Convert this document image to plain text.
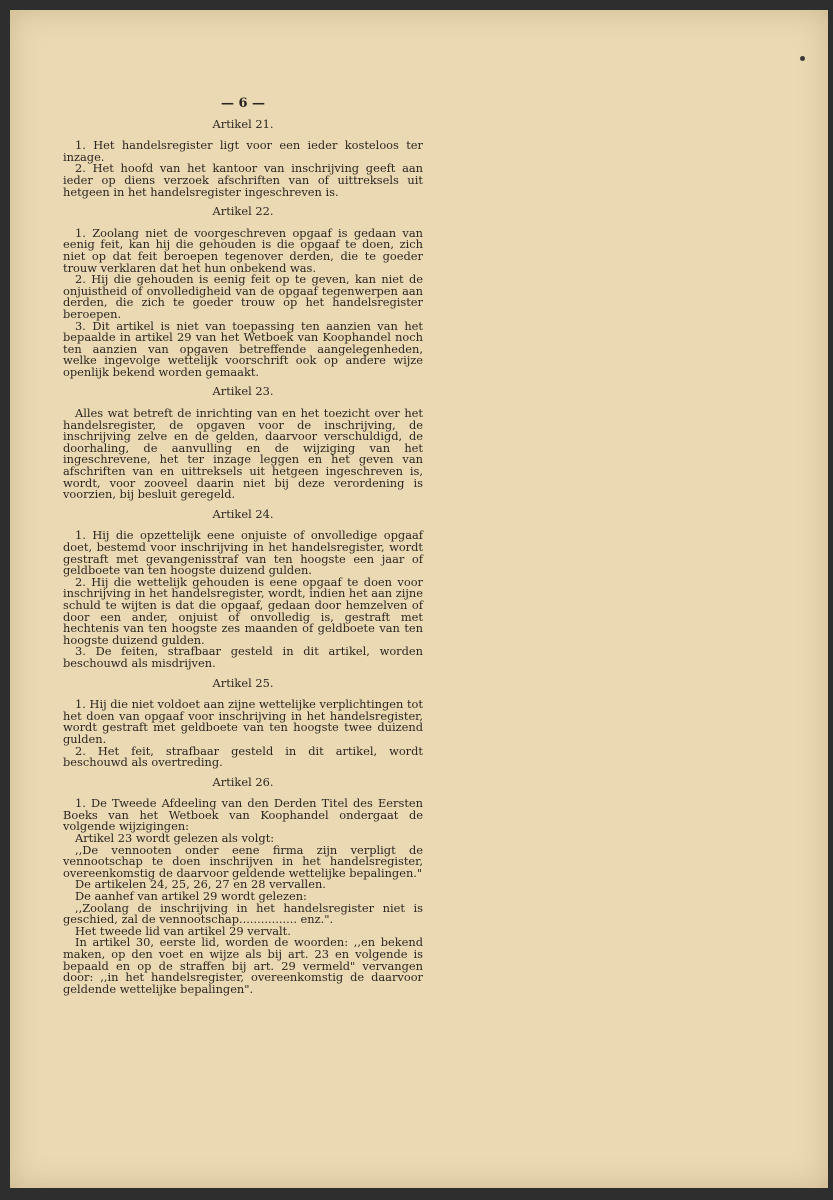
— 6 —
Artikel 21.

1. Het handelsregister ligt voor een ieder kosteloos ter inzage.

2. Het hoofd van het kantoor van inschrijving geeft aan ieder op diens verzoek afschriften van of uittreksels uit hetgeen in het handelsregister ingeschreven is.

Artikel 22.

1. Zoolang niet de voorgeschreven opgaaf is gedaan van eenig feit, kan hij die gehouden is die opgaaf te doen, zich niet op dat feit beroepen tegenover derden, die te goeder trouw verklaren dat het hun onbekend was.

2. Hij die gehouden is eenig feit op te geven, kan niet de onjuistheid of onvolledigheid van de opgaaf tegenwerpen aan derden, die zich te goeder trouw op het handelsregister beroepen.

3. Dit artikel is niet van toepassing ten aanzien van het bepaalde in artikel 29 van het Wetboek van Koophandel noch ten aanzien van opgaven betreffende aangelegenheden, welke ingevolge wettelijk voorschrift ook op andere wijze openlijk bekend worden gemaakt.

Artikel 23.

Alles wat betreft de inrichting van en het toezicht over het handelsregister, de opgaven voor de inschrijving, de inschrijving zelve en de gelden, daarvoor verschuldigd, de doorhaling, de aanvulling en de wijziging van het ingeschrevene, het ter inzage leggen en het geven van afschriften van en uittreksels uit hetgeen ingeschreven is, wordt, voor zooveel daarin niet bij deze verordening is voorzien, bij besluit geregeld.

Artikel 24.

1. Hij die opzettelijk eene onjuiste of onvolledige opgaaf doet, bestemd voor inschrijving in het handelsregister, wordt gestraft met gevangenisstraf van ten hoogste een jaar of geldboete van ten hoogste duizend gulden.

2. Hij die wettelijk gehouden is eene opgaaf te doen voor inschrijving in het handelsregister, wordt, indien het aan zijne schuld te wijten is dat die opgaaf, gedaan door hemzelven of door een ander, onjuist of onvolledig is, gestraft met hechtenis van ten hoogste zes maanden of geldboete van ten hoogste duizend gulden.

3. De feiten, strafbaar gesteld in dit artikel, worden beschouwd als misdrijven.

Artikel 25.

1. Hij die niet voldoet aan zijne wettelijke verplichtingen tot het doen van opgaaf voor inschrijving in het handelsregister, wordt gestraft met geldboete van ten hoogste twee duizend gulden.

2. Het feit, strafbaar gesteld in dit artikel, wordt beschouwd als overtreding.

Artikel 26.

1. De Tweede Afdeeling van den Derden Titel des Eersten Boeks van het Wetboek van Koophandel ondergaat de volgende wijzigingen:

Artikel 23 wordt gelezen als volgt:

,,De vennooten onder eene firma zijn verpligt de vennootschap te doen inschrijven in het handelsregister, overeenkomstig de daarvoor geldende wettelijke bepalingen."

De artikelen 24, 25, 26, 27 en 28 vervallen.

De aanhef van artikel 29 wordt gelezen:

,,Zoolang de inschrijving in het handelsregister niet is geschied, zal de vennootschap................ enz.".

Het tweede lid van artikel 29 vervalt.

In artikel 30, eerste lid, worden de woorden: ,,en bekend maken, op den voet en wijze als bij art. 23 en volgende is bepaald en op de straffen bij art. 29 vermeld" vervangen door: ,,in het handelsregister, overeenkomstig de daarvoor geldende wettelijke bepalingen".
